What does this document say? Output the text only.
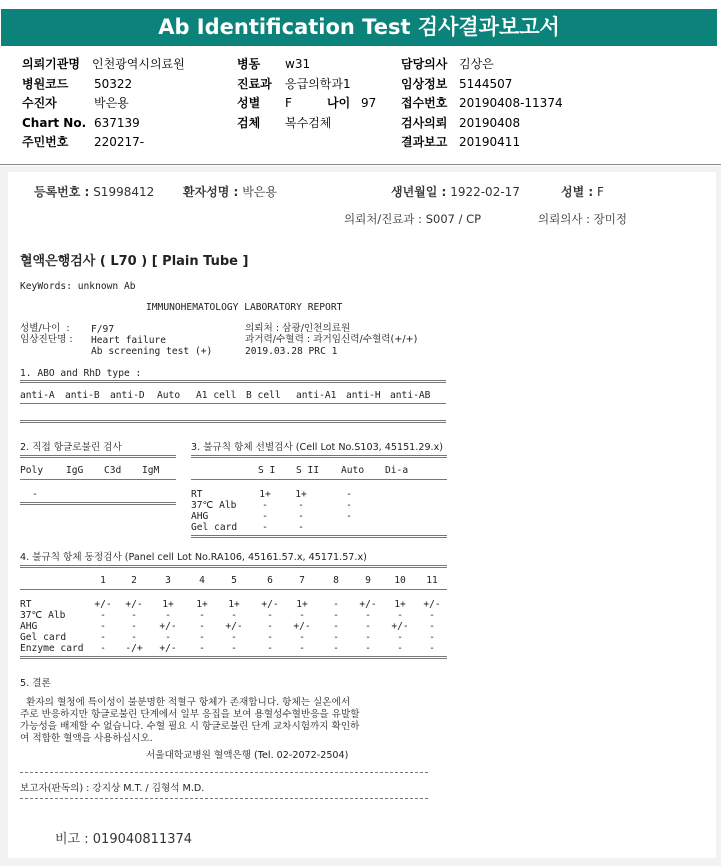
Ab Identification Test 검사결과보고서
의뢰기관명 인천광역시의료원
병원코드 50322
수진자	박은용
Chart No. 637139
주민번호 220217-
병동 w31
진료과 응급의학과1
성별 F	나이 97
검체 복수검체
담당의사 김상은
임상정보 5144507
접수번호 20190408-11374
검사의뢰 20190408
결과보고 20190411
등록번호 : S1998412 환자성명 : 박은용	생년월일 : 1922-02-17	성별 : F
의뢰처/진료과 : S007 / CP	의뢰의사 : 장미정
혈액은행검사 ( L70 ) [ Plain Tube ]
KeyWords: unknown Ab
IMMUNOHEMATOLOGY LABORATORY REPORT
성별/나이  : F/97
임상진단명 : Heart failure
Ab screening test (+)
의뢰처 : 삼광/인천의료원
과거력/수혈력 : 과거임신력/수혈력(+/+)
2019.03.28 PRC 1
1. ABO and RhD type :
anti-A anti-B anti-D Auto A1 cell B cell anti-A1 anti-H anti-AB
2. 직접 항글로불린 검사
Poly IgG C3d IgM
-
3. 불규칙 항체 선별검사 (Cell Lot No.S103, 45151.29.x)
S I S II Auto Di-a
RT	1+	1+	-
37℃ Alb	-	-	-
AHG	-	-	-
Gel card	-	-
4. 불규칙 항체 동정검사 (Panel cell Lot No.RA106, 45161.57.x, 45171.57.x)
1	2	3	4	5	6	7	8	9	10	11
RT	+/-	+/-	1+	1+	1+	+/-	1+	-	+/-	1+	+/-
37℃ Alb	-	-	-	-	-	-	-	-	-	-	-
AHG	-	-	+/-	-	+/-	-	+/-	-	-	+/-	-
Gel card	-	-	-	-	-	-	-	-	-	-	-
Enzyme card	-	-/+	+/-	-	-	-	-	-	-	-	-
5. 결론
환자의 혈청에 특이성이 불분명한 적혈구 항체가 존재합니다. 항체는 실온에서
주로 반응하지만 항글로불린 단계에서 일부 응집을 보여 용혈성수혈반응을 유발할
가능성을 배제할 수 없습니다. 수혈 필요 시 항글로불린 단계 교차시험까지 확인하
여 적합한 혈액을 사용하십시오.
서울대학교병원 혈액은행 (Tel. 02-2072-2504)
보고자(판독의) : 강지상 M.T. / 김형석 M.D.
비고 : 019040811374
